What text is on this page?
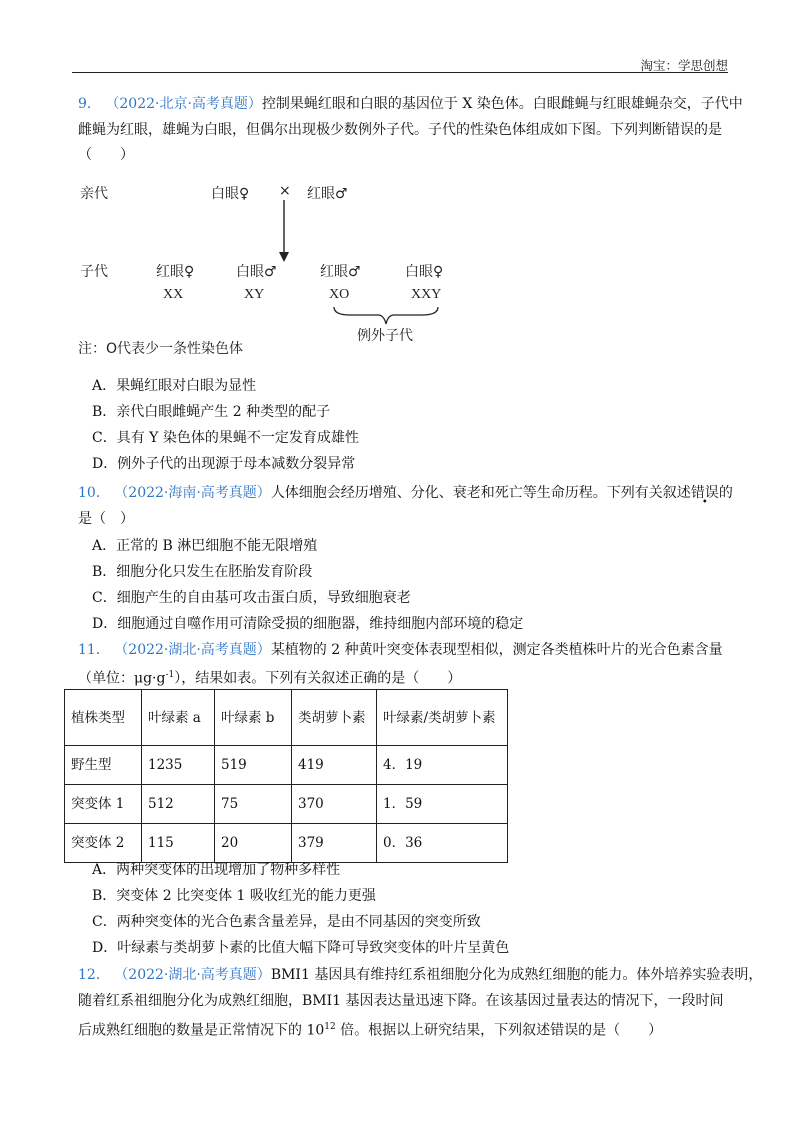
淘宝：学思创想
9． （2022·北京·高考真题）控制果蝇红眼和白眼的基因位于 X 染色体。白眼雌蝇与红眼雄蝇杂交，子代中
雌蝇为红眼，雄蝇为白眼，但偶尔出现极少数例外子代。子代的性染色体组成如下图。下列判断错误的是
（　　）
亲代	白眼♀ × 红眼♂
子代	红眼♀	白眼♂	红眼♂	白眼♀
XX	XY	XO	XXY
例外子代
注：O代表少一条性染色体
A．果蝇红眼对白眼为显性
B．亲代白眼雌蝇产生 2 种类型的配子
C．具有 Y 染色体的果蝇不一定发育成雄性
D．例外子代的出现源于母本减数分裂异常
10． （2022·海南·高考真题）人体细胞会经历增殖、分化、衰老和死亡等生命历程。下列有关叙述错误的
是（　）
A．正常的 B 淋巴细胞不能无限增殖
B．细胞分化只发生在胚胎发育阶段
C．细胞产生的自由基可攻击蛋白质，导致细胞衰老
D．细胞通过自噬作用可清除受损的细胞器，维持细胞内部环境的稳定
11． （2022·湖北·高考真题）某植物的 2 种黄叶突变体表现型相似，测定各类植株叶片的光合色素含量
（单位：$\mu g\cdot g^{-1}$），结果如表。下列有关叙述正确的是（　　）
植株类型	叶绿素 a	叶绿素 b	类胡萝卜素	叶绿素/类胡萝卜素
野生型	1235	519	419	4．19
突变体 1	512	75	370	1．59
突变体 2	115	20	379	0．36
A．两种突变体的出现增加了物种多样性
B．突变体 2 比突变体 1 吸收红光的能力更强
C．两种突变体的光合色素含量差异，是由不同基因的突变所致
D．叶绿素与类胡萝卜素的比值大幅下降可导致突变体的叶片呈黄色
12． （2022·湖北·高考真题）BMI1 基因具有维持红系祖细胞分化为成熟红细胞的能力。体外培养实验表明，
随着红系祖细胞分化为成熟红细胞，BMI1 基因表达量迅速下降。在该基因过量表达的情况下，一段时间
后成熟红细胞的数量是正常情况下的 $10^{12}$ 倍。根据以上研究结果，下列叙述错误的是（　　）
